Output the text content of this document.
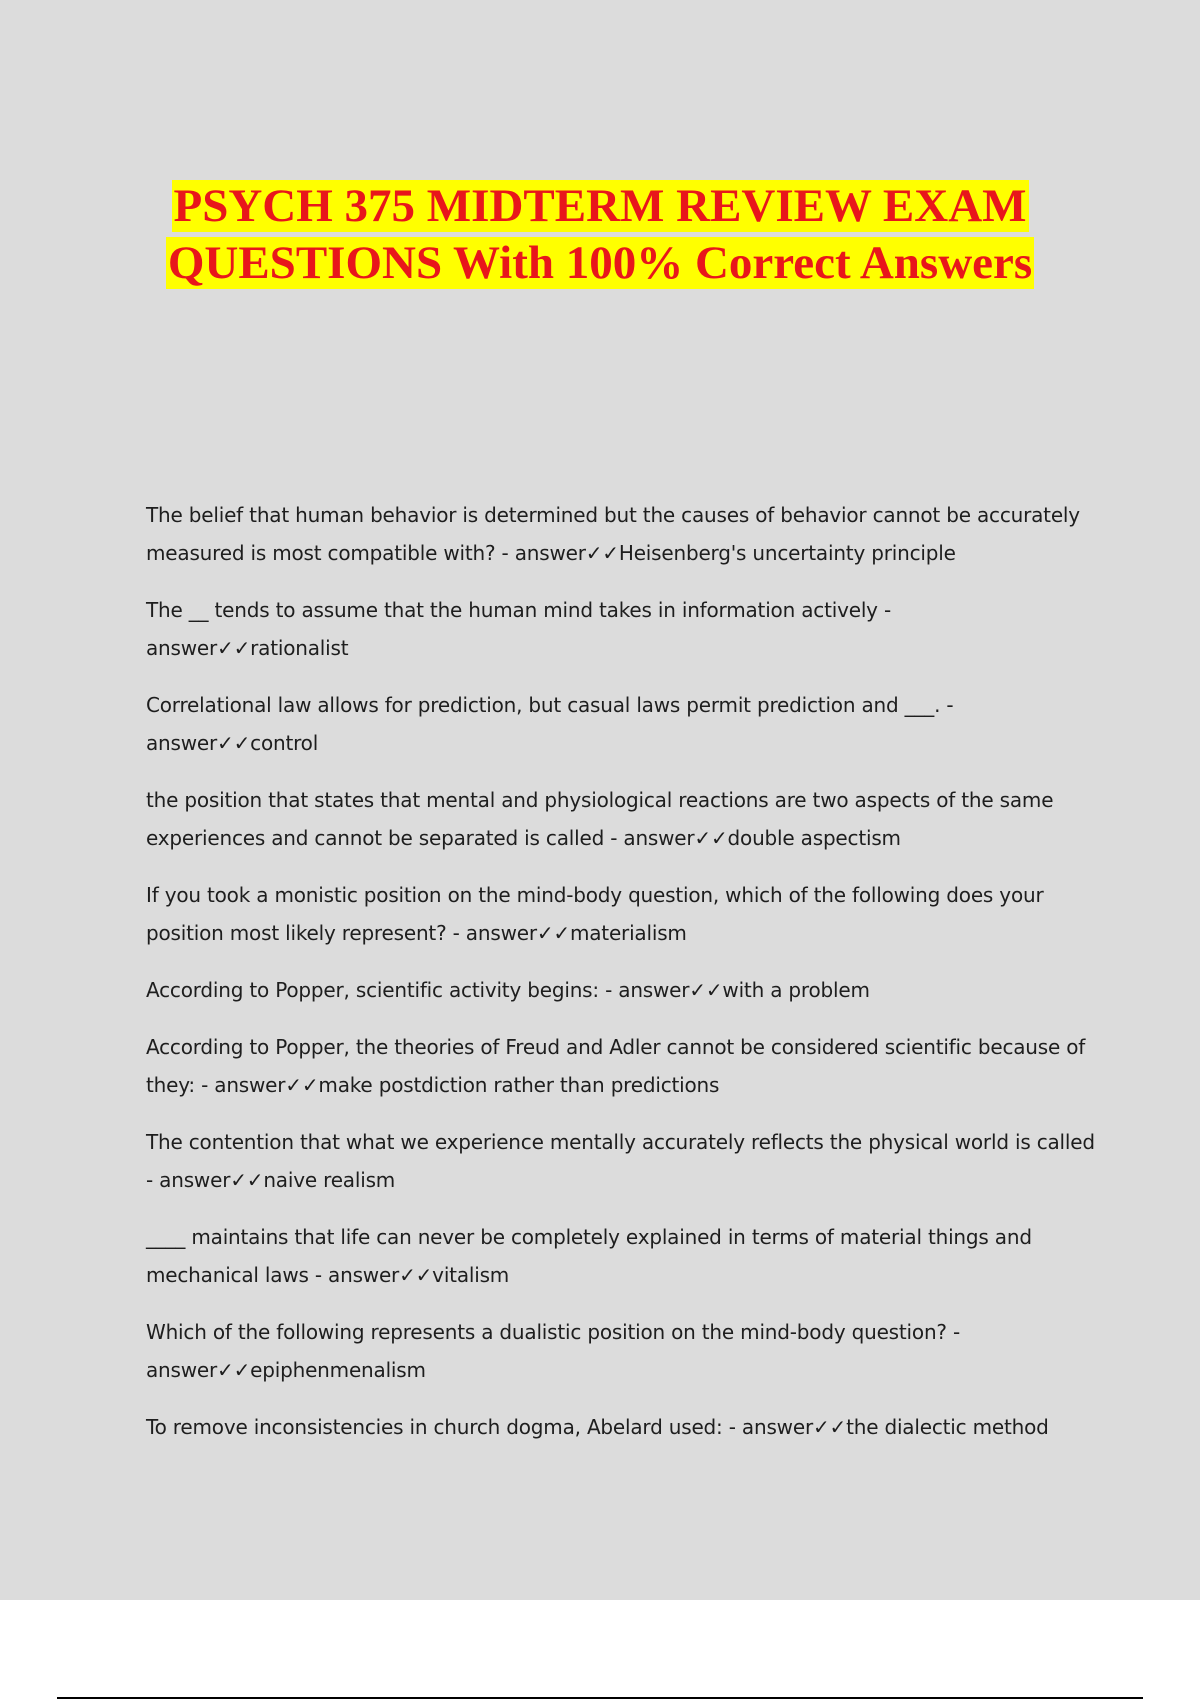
PSYCH 375 MIDTERM REVIEW EXAM
QUESTIONS With 100% Correct Answers
The belief that human behavior is determined but the causes of behavior cannot be accurately measured is most compatible with? - answer✓✓Heisenberg's uncertainty principle
The __ tends to assume that the human mind takes in information actively - answer✓✓rationalist
Correlational law allows for prediction, but casual laws permit prediction and ___. - answer✓✓control
the position that states that mental and physiological reactions are two aspects of the same experiences and cannot be separated is called - answer✓✓double aspectism
If you took a monistic position on the mind-body question, which of the following does your position most likely represent? - answer✓✓materialism
According to Popper, scientific activity begins: - answer✓✓with a problem
According to Popper, the theories of Freud and Adler cannot be considered scientific because of they: - answer✓✓make postdiction rather than predictions
The contention that what we experience mentally accurately reflects the physical world is called - answer✓✓naive realism
____ maintains that life can never be completely explained in terms of material things and mechanical laws - answer✓✓vitalism
Which of the following represents a dualistic position on the mind-body question? - answer✓✓epiphenmenalism
To remove inconsistencies in church dogma, Abelard used: - answer✓✓the dialectic method
